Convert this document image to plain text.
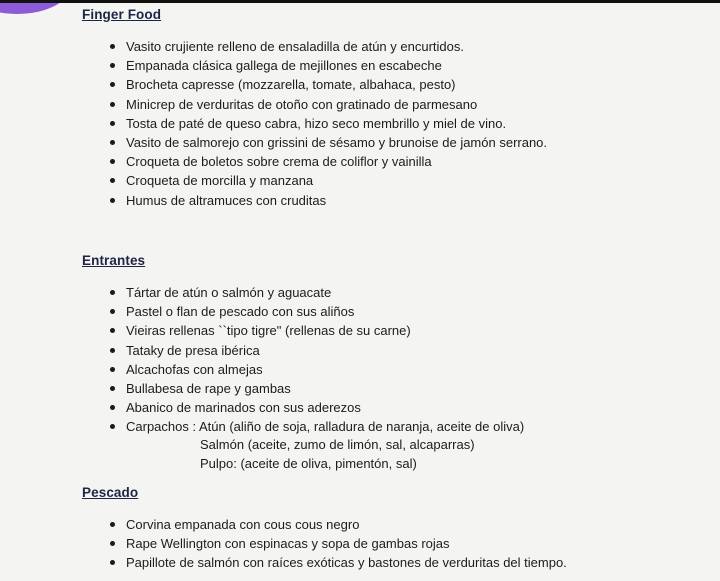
Finger Food
Vasito crujiente relleno de ensaladilla de atún y encurtidos.
Empanada clásica gallega de mejillones en escabeche
Brocheta capresse (mozzarella, tomate, albahaca, pesto)
Minicrep de verduritas de otoño con gratinado de parmesano
Tosta de paté de queso cabra, hizo seco membrillo y miel de vino.
Vasito de salmorejo con grissini de sésamo y brunoise de jamón serrano.
Croqueta de boletos sobre crema de coliflor y vainilla
Croqueta de morcilla y manzana
Humus de altramuces con cruditas
Entrantes
Tártar de atún o salmón y aguacate
Pastel o flan de pescado con sus aliños
Vieiras rellenas ``tipo tigre" (rellenas de su carne)
Tataky de presa ibérica
Alcachofas con almejas
Bullabesa de rape y gambas
Abanico de marinados con sus aderezos
Carpachos : Atún (aliño de soja, ralladura de naranja, aceite de oliva)
Salmón (aceite, zumo de limón, sal, alcaparras)
Pulpo: (aceite de oliva, pimentón, sal)
Pescado
Corvina empanada con cous cous negro
Rape Wellington con espinacas y sopa de gambas rojas
Papillote de salmón con raíces exóticas y bastones de verduritas del tiempo.
